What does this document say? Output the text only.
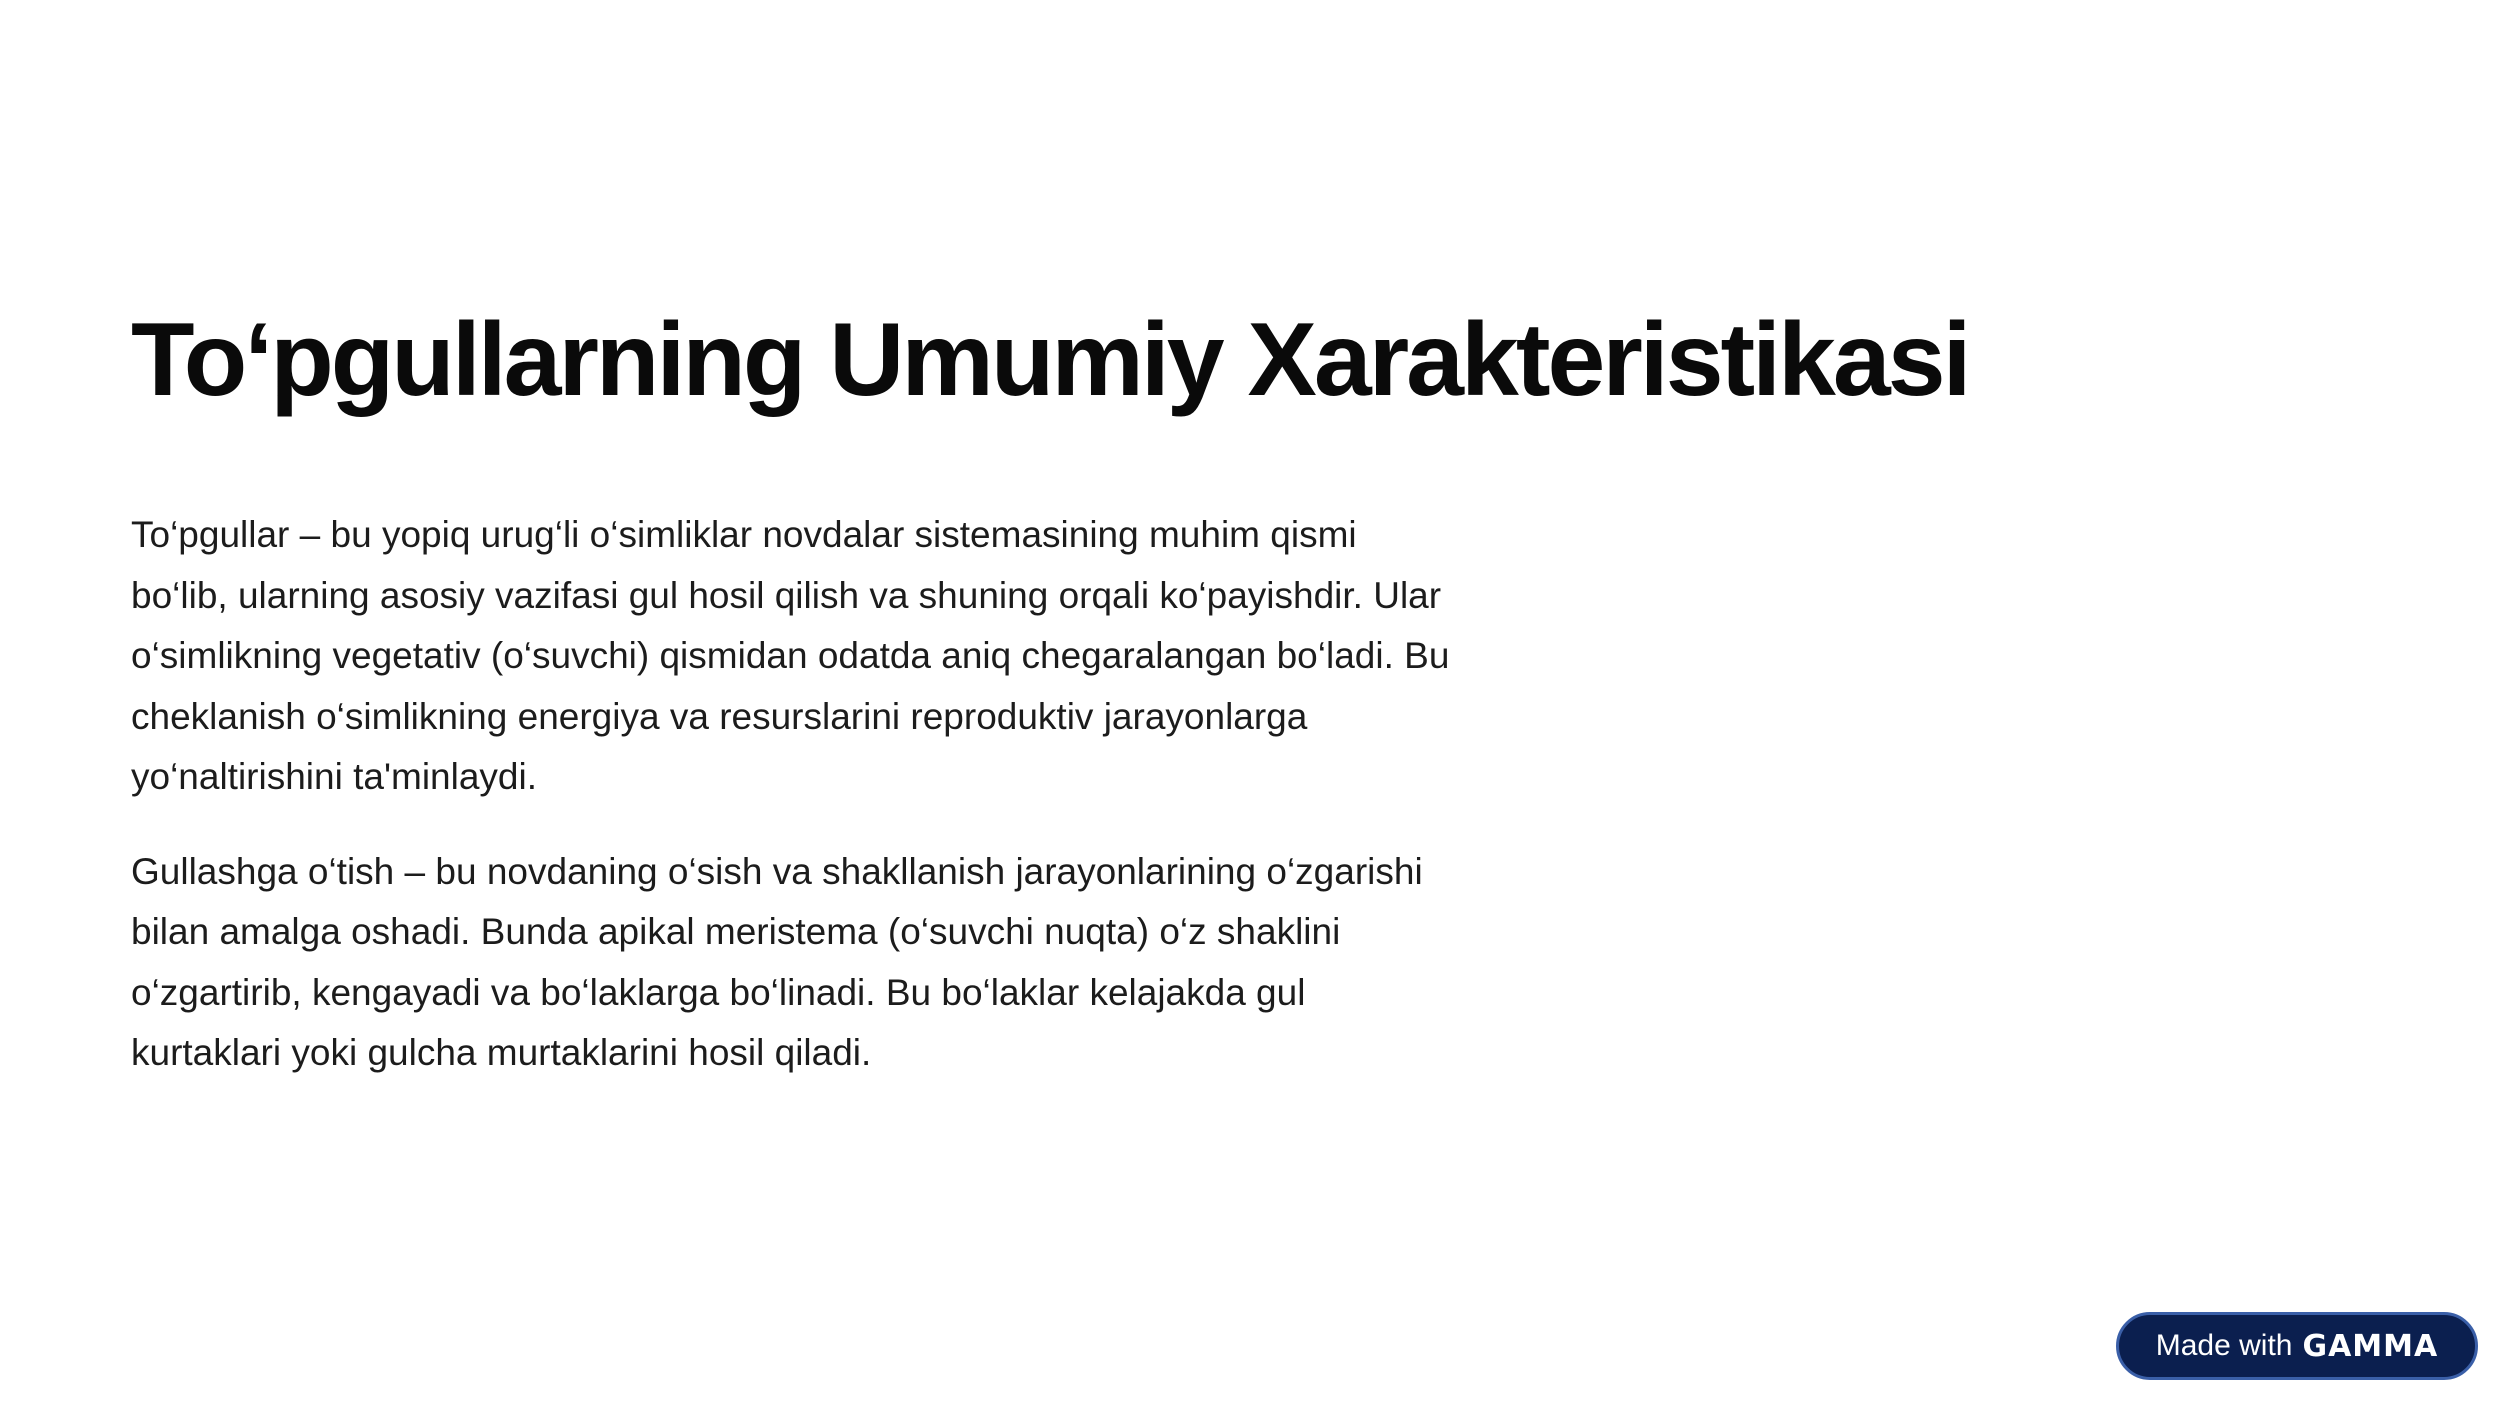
To‘pgullarning Umumiy Xarakteristikasi

To‘pgullar – bu yopiq urug‘li o‘simliklar novdalar sistemasining muhim qismi bo‘lib, ularning asosiy vazifasi gul hosil qilish va shuning orqali ko‘payishdir. Ular o‘simlikning vegetativ (o‘suvchi) qismidan odatda aniq chegaralangan bo‘ladi. Bu cheklanish o‘simlikning energiya va resurslarini reproduktiv jarayonlarga yo‘naltirishini ta'minlaydi.

Gullashga o‘tish – bu novdaning o‘sish va shakllanish jarayonlarining o‘zgarishi bilan amalga oshadi. Bunda apikal meristema (o‘suvchi nuqta) o‘z shaklini o‘zgartirib, kengayadi va bo‘laklarga bo‘linadi. Bu bo‘laklar kelajakda gul kurtaklari yoki gulcha murtaklarini hosil qiladi.

Made with GAMMA
